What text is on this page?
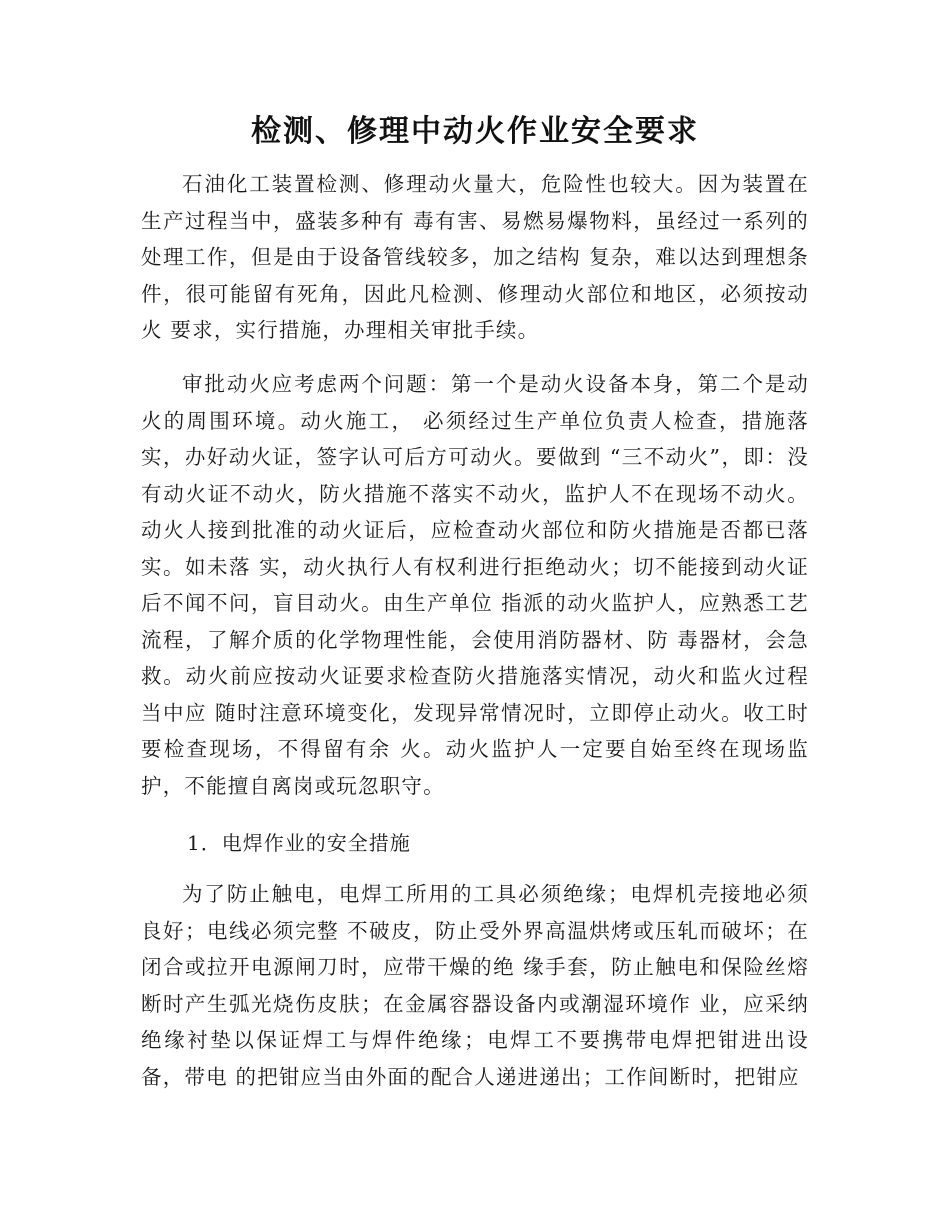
检测、修理中动火作业安全要求

石油化工装置检测、修理动火量大，危险性也较大。因为装置在生产过程当中，盛装多种有 毒有害、易燃易爆物料，虽经过一系列的处理工作，但是由于设备管线较多，加之结构 复杂，难以达到理想条件，很可能留有死角，因此凡检测、修理动火部位和地区，必须按动火 要求，实行措施，办理相关审批手续。

审批动火应考虑两个问题：第一个是动火设备本身，第二个是动火的周围环境。动火施工， 必须经过生产单位负责人检查，措施落实，办好动火证，签字认可后方可动火。要做到 “三不动火”，即：没有动火证不动火，防火措施不落实不动火，监护人不在现场不动火。动火人接到批准的动火证后，应检查动火部位和防火措施是否都已落实。如未落 实，动火执行人有权利进行拒绝动火；切不能接到动火证后不闻不问，盲目动火。由生产单位 指派的动火监护人，应熟悉工艺流程，了解介质的化学物理性能，会使用消防器材、防 毒器材，会急救。动火前应按动火证要求检查防火措施落实情况，动火和监火过程当中应 随时注意环境变化，发现异常情况时，立即停止动火。收工时要检查现场，不得留有余 火。动火监护人一定要自始至终在现场监护，不能擅自离岗或玩忽职守。

1．电焊作业的安全措施

为了防止触电，电焊工所用的工具必须绝缘；电焊机壳接地必须良好；电线必须完整 不破皮，防止受外界高温烘烤或压轧而破坏；在闭合或拉开电源闸刀时，应带干燥的绝 缘手套，防止触电和保险丝熔断时产生弧光烧伤皮肤；在金属容器设备内或潮湿环境作 业，应采纳绝缘衬垫以保证焊工与焊件绝缘；电焊工不要携带电焊把钳进出设备，带电 的把钳应当由外面的配合人递进递出；工作间断时，把钳应
